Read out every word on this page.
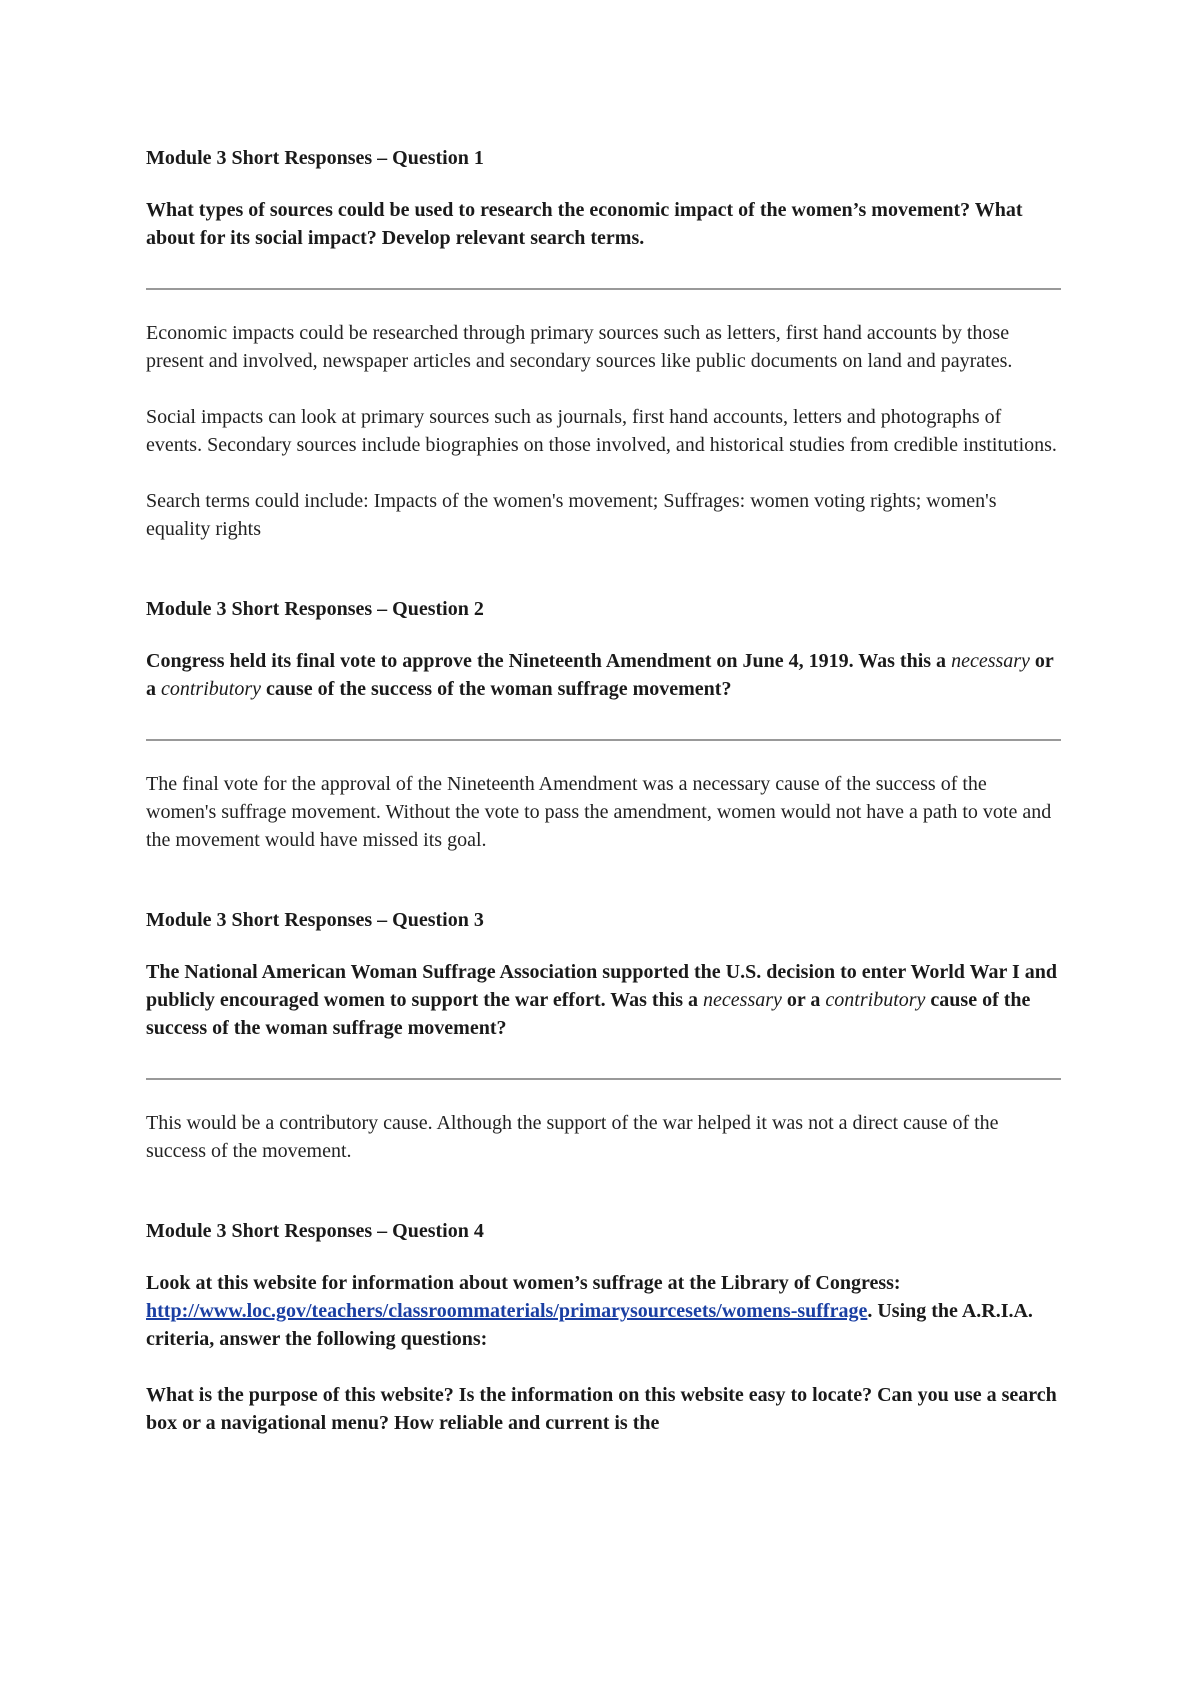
Module 3 Short Responses – Question 1

What types of sources could be used to research the economic impact of the women’s movement? What about for its social impact? Develop relevant search terms.

Economic impacts could be researched through primary sources such as letters, first hand accounts by those present and involved, newspaper articles and secondary sources like public documents on land and payrates.

Social impacts can look at primary sources such as journals, first hand accounts, letters and photographs of events. Secondary sources include biographies on those involved, and historical studies from credible institutions.

Search terms could include: Impacts of the women's movement; Suffrages: women voting rights; women's equality rights

Module 3 Short Responses – Question 2

Congress held its final vote to approve the Nineteenth Amendment on June 4, 1919. Was this a necessary or a contributory cause of the success of the woman suffrage movement?

The final vote for the approval of the Nineteenth Amendment was a necessary cause of the success of the women's suffrage movement. Without the vote to pass the amendment, women would not have a path to vote and the movement would have missed its goal.

Module 3 Short Responses – Question 3

The National American Woman Suffrage Association supported the U.S. decision to enter World War I and publicly encouraged women to support the war effort. Was this a necessary or a contributory cause of the success of the woman suffrage movement?

This would be a contributory cause. Although the support of the war helped it was not a direct cause of the success of the movement.

Module 3 Short Responses – Question 4

Look at this website for information about women’s suffrage at the Library of Congress: http://www.loc.gov/teachers/classroommaterials/primarysourcesets/womens-suffrage. Using the A.R.I.A. criteria, answer the following questions:

What is the purpose of this website? Is the information on this website easy to locate? Can you use a search box or a navigational menu? How reliable and current is the
